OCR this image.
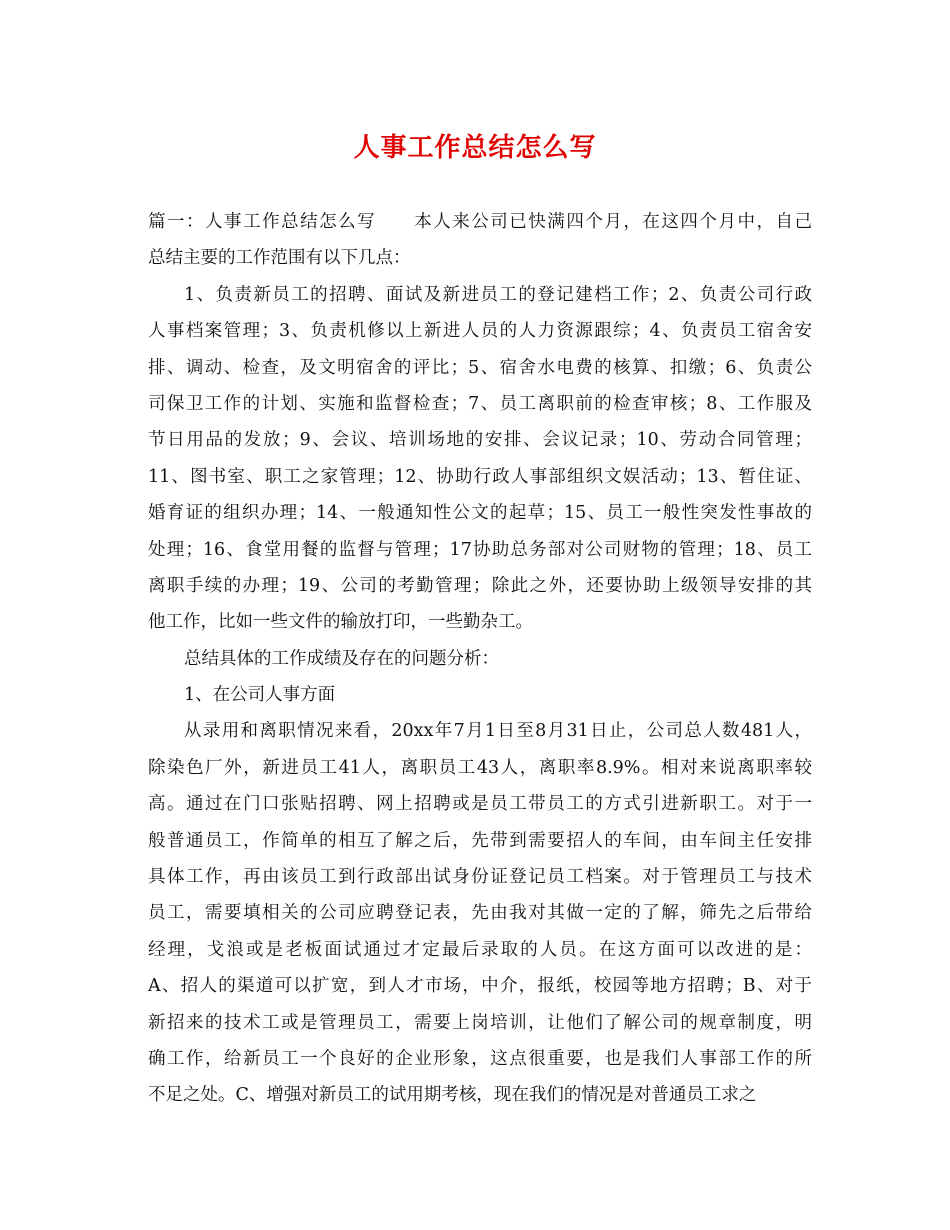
人事工作总结怎么写
篇一：人事工作总结怎么写　　本人来公司已快满四个月，在这四个月中，自己
总结主要的工作范围有以下几点：
1、负责新员工的招聘、面试及新进员工的登记建档工作；2、负责公司行政
人事档案管理；3、负责机修以上新进人员的人力资源跟综；4、负责员工宿舍安
排、调动、检查，及文明宿舍的评比；5、宿舍水电费的核算、扣缴；6、负责公
司保卫工作的计划、实施和监督检查；7、员工离职前的检查审核；8、工作服及
节日用品的发放；9、会议、培训场地的安排、会议记录；10、劳动合同管理；
11、图书室、职工之家管理；12、协助行政人事部组织文娱活动；13、暂住证、
婚育证的组织办理；14、一般通知性公文的起草；15、员工一般性突发性事故的
处理；16、食堂用餐的监督与管理；17协助总务部对公司财物的管理；18、员工
离职手续的办理；19、公司的考勤管理；除此之外，还要协助上级领导安排的其
他工作，比如一些文件的输放打印，一些勤杂工。
总结具体的工作成绩及存在的问题分析：
1、在公司人事方面
从录用和离职情况来看，20xx年7月1日至8月31日止，公司总人数481人，
除染色厂外，新进员工41人，离职员工43人，离职率8.9%。相对来说离职率较
高。通过在门口张贴招聘、网上招聘或是员工带员工的方式引进新职工。对于一
般普通员工，作简单的相互了解之后，先带到需要招人的车间，由车间主任安排
具体工作，再由该员工到行政部出试身份证登记员工档案。对于管理员工与技术
员工，需要填相关的公司应聘登记表，先由我对其做一定的了解，筛先之后带给
经理，戈浪或是老板面试通过才定最后录取的人员。在这方面可以改进的是：
A、招人的渠道可以扩宽，到人才市场，中介，报纸，校园等地方招聘；B、对于
新招来的技术工或是管理员工，需要上岗培训，让他们了解公司的规章制度，明
确工作，给新员工一个良好的企业形象，这点很重要，也是我们人事部工作的所
不足之处。C、增强对新员工的试用期考核，现在我们的情况是对普通员工求之
